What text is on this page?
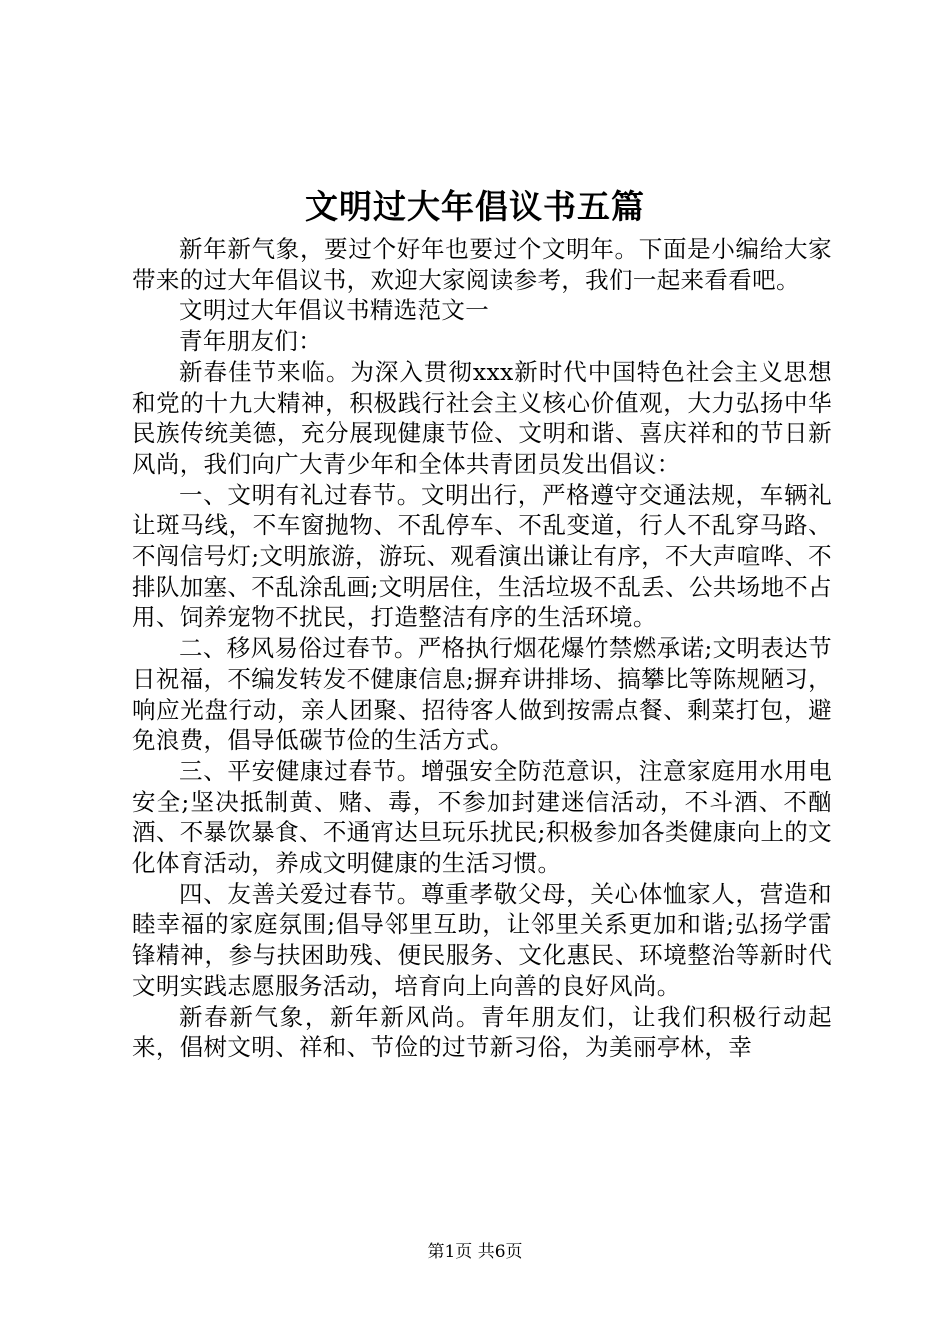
文明过大年倡议书五篇

新年新气象，要过个好年也要过个文明年。下面是小编给大家带来的过大年倡议书，欢迎大家阅读参考，我们一起来看看吧。

文明过大年倡议书精选范文一

青年朋友们：

新春佳节来临。为深入贯彻xxx新时代中国特色社会主义思想和党的十九大精神，积极践行社会主义核心价值观，大力弘扬中华民族传统美德，充分展现健康节俭、文明和谐、喜庆祥和的节日新风尚，我们向广大青少年和全体共青团员发出倡议：

一、文明有礼过春节。文明出行，严格遵守交通法规，车辆礼让斑马线，不车窗抛物、不乱停车、不乱变道，行人不乱穿马路、不闯信号灯;文明旅游，游玩、观看演出谦让有序，不大声喧哗、不排队加塞、不乱涂乱画;文明居住，生活垃圾不乱丢、公共场地不占用、饲养宠物不扰民，打造整洁有序的生活环境。

二、移风易俗过春节。严格执行烟花爆竹禁燃承诺;文明表达节日祝福，不编发转发不健康信息;摒弃讲排场、搞攀比等陈规陋习，响应光盘行动，亲人团聚、招待客人做到按需点餐、剩菜打包，避免浪费，倡导低碳节俭的生活方式。

三、平安健康过春节。增强安全防范意识，注意家庭用水用电安全;坚决抵制黄、赌、毒，不参加封建迷信活动，不斗酒、不酗酒、不暴饮暴食、不通宵达旦玩乐扰民;积极参加各类健康向上的文化体育活动，养成文明健康的生活习惯。

四、友善关爱过春节。尊重孝敬父母，关心体恤家人，营造和睦幸福的家庭氛围;倡导邻里互助，让邻里关系更加和谐;弘扬学雷锋精神，参与扶困助残、便民服务、文化惠民、环境整治等新时代文明实践志愿服务活动，培育向上向善的良好风尚。

新春新气象，新年新风尚。青年朋友们，让我们积极行动起来，倡树文明、祥和、节俭的过节新习俗，为美丽亭林，幸

第1页 共6页
